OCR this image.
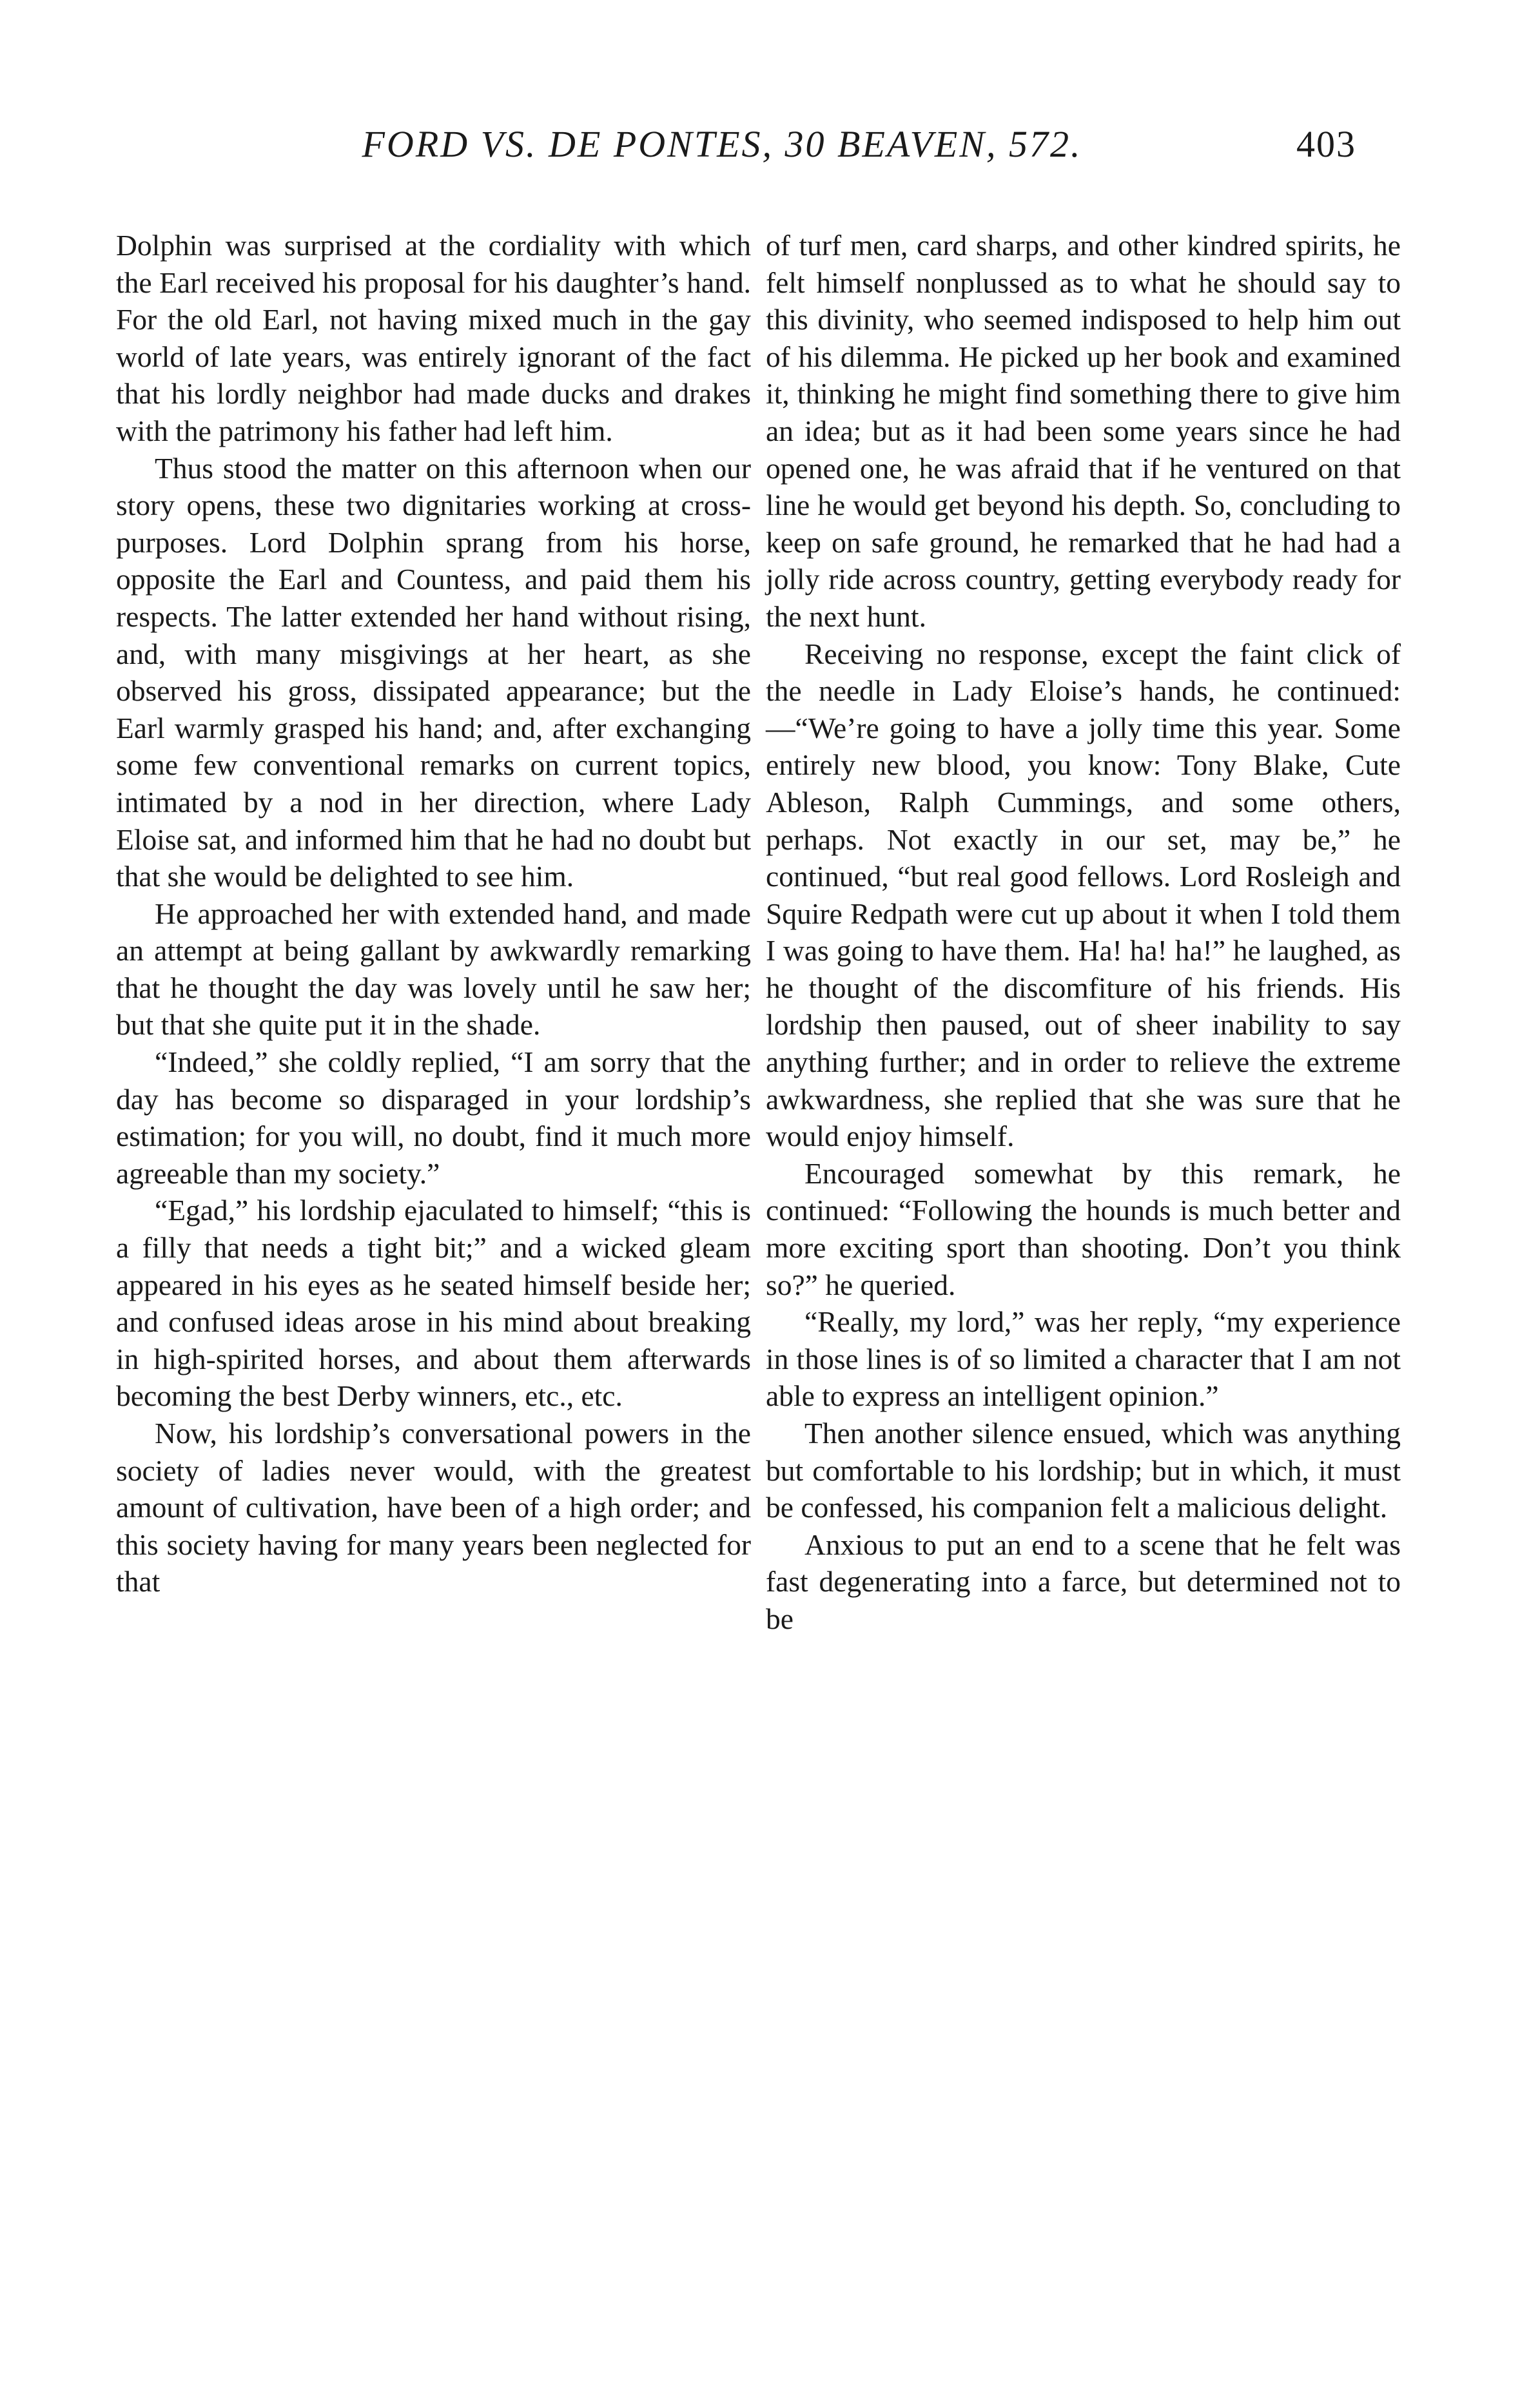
FORD VS. DE PONTES, 30 BEAVEN, 572.	403

Dolphin was surprised at the cordiality with which the Earl received his proposal for his daughter’s hand. For the old Earl, not having mixed much in the gay world of late years, was entirely ignorant of the fact that his lordly neighbor had made ducks and drakes with the patrimony his father had left him.

Thus stood the matter on this afternoon when our story opens, these two dignitaries working at cross-purposes. Lord Dolphin sprang from his horse, opposite the Earl and Countess, and paid them his respects. The latter extended her hand without rising, and, with many misgivings at her heart, as she observed his gross, dissipated appearance; but the Earl warmly grasped his hand; and, after exchanging some few conventional remarks on current topics, intimated by a nod in her direction, where Lady Eloise sat, and informed him that he had no doubt but that she would be delighted to see him.

He approached her with extended hand, and made an attempt at being gallant by awkwardly remarking that he thought the day was lovely until he saw her; but that she quite put it in the shade.

“Indeed,” she coldly replied, “I am sorry that the day has become so disparaged in your lordship’s estimation; for you will, no doubt, find it much more agreeable than my society.”

“Egad,” his lordship ejaculated to himself; “this is a filly that needs a tight bit;” and a wicked gleam appeared in his eyes as he seated himself beside her; and confused ideas arose in his mind about breaking in high-spirited horses, and about them afterwards becoming the best Derby winners, etc., etc.

Now, his lordship’s conversational powers in the society of ladies never would, with the greatest amount of cultivation, have been of a high order; and this society having for many years been neglected for that

of turf men, card sharps, and other kindred spirits, he felt himself nonplussed as to what he should say to this divinity, who seemed indisposed to help him out of his dilemma. He picked up her book and examined it, thinking he might find something there to give him an idea; but as it had been some years since he had opened one, he was afraid that if he ventured on that line he would get beyond his depth. So, concluding to keep on safe ground, he remarked that he had had a jolly ride across country, getting everybody ready for the next hunt.

Receiving no response, except the faint click of the needle in Lady Eloise’s hands, he continued:—“We’re going to have a jolly time this year. Some entirely new blood, you know: Tony Blake, Cute Ableson, Ralph Cummings, and some others, perhaps. Not exactly in our set, may be,” he continued, “but real good fellows. Lord Rosleigh and Squire Redpath were cut up about it when I told them I was going to have them. Ha! ha! ha!” he laughed, as he thought of the discomfiture of his friends. His lordship then paused, out of sheer inability to say anything further; and in order to relieve the extreme awkwardness, she replied that she was sure that he would enjoy himself.

Encouraged somewhat by this remark, he continued: “Following the hounds is much better and more exciting sport than shooting. Don’t you think so?” he queried.

“Really, my lord,” was her reply, “my experience in those lines is of so limited a character that I am not able to express an intelligent opinion.”

Then another silence ensued, which was anything but comfortable to his lordship; but in which, it must be confessed, his companion felt a malicious delight.

Anxious to put an end to a scene that he felt was fast degenerating into a farce, but determined not to be
